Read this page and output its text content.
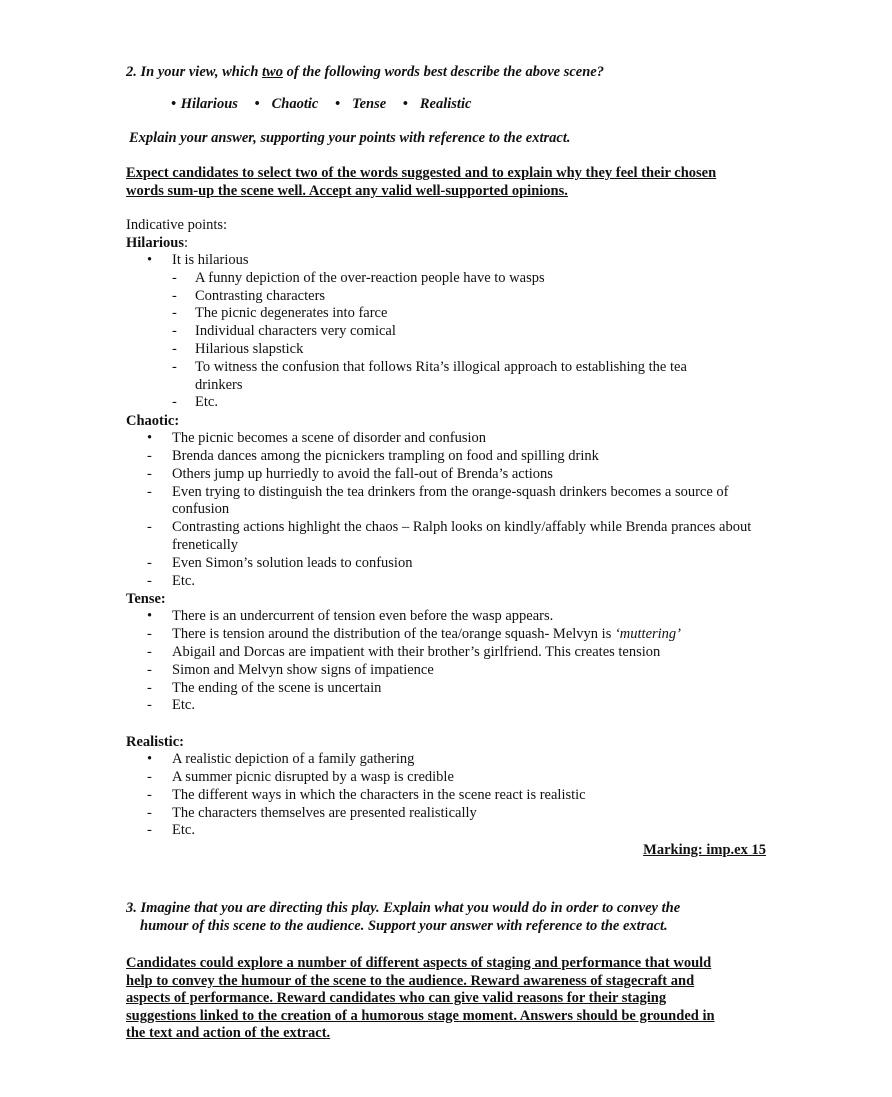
2. In your view, which two of the following words best describe the above scene?
• Hilarious • Chaotic • Tense • Realistic
Explain your answer, supporting your points with reference to the extract.
Expect candidates to select two of the words suggested and to explain why they feel their chosen
words sum-up the scene well. Accept any valid well-supported opinions.
Indicative points:
Hilarious:
• It is hilarious
- A funny depiction of the over-reaction people have to wasps
- Contrasting characters
- The picnic degenerates into farce
- Individual characters very comical
- Hilarious slapstick
- To witness the confusion that follows Rita’s illogical approach to establishing the tea drinkers
- Etc.
Chaotic:
• The picnic becomes a scene of disorder and confusion
- Brenda dances among the picnickers trampling on food and spilling drink
- Others jump up hurriedly to avoid the fall-out of Brenda’s actions
- Even trying to distinguish the tea drinkers from the orange-squash drinkers becomes a source of confusion
- Contrasting actions highlight the chaos – Ralph looks on kindly/affably while Brenda prances about frenetically
- Even Simon’s solution leads to confusion
- Etc.
Tense:
• There is an undercurrent of tension even before the wasp appears.
- There is tension around the distribution of the tea/orange squash- Melvyn is ‘muttering’
- Abigail and Dorcas are impatient with their brother’s girlfriend. This creates tension
- Simon and Melvyn show signs of impatience
- The ending of the scene is uncertain
- Etc.
Realistic:
• A realistic depiction of a family gathering
- A summer picnic disrupted by a wasp is credible
- The different ways in which the characters in the scene react is realistic
- The characters themselves are presented realistically
- Etc.
Marking: imp.ex 15
3. Imagine that you are directing this play. Explain what you would do in order to convey the
humour of this scene to the audience. Support your answer with reference to the extract.
Candidates could explore a number of different aspects of staging and performance that would
help to convey the humour of the scene to the audience. Reward awareness of stagecraft and
aspects of performance. Reward candidates who can give valid reasons for their staging
suggestions linked to the creation of a humorous stage moment. Answers should be grounded in
the text and action of the extract.
